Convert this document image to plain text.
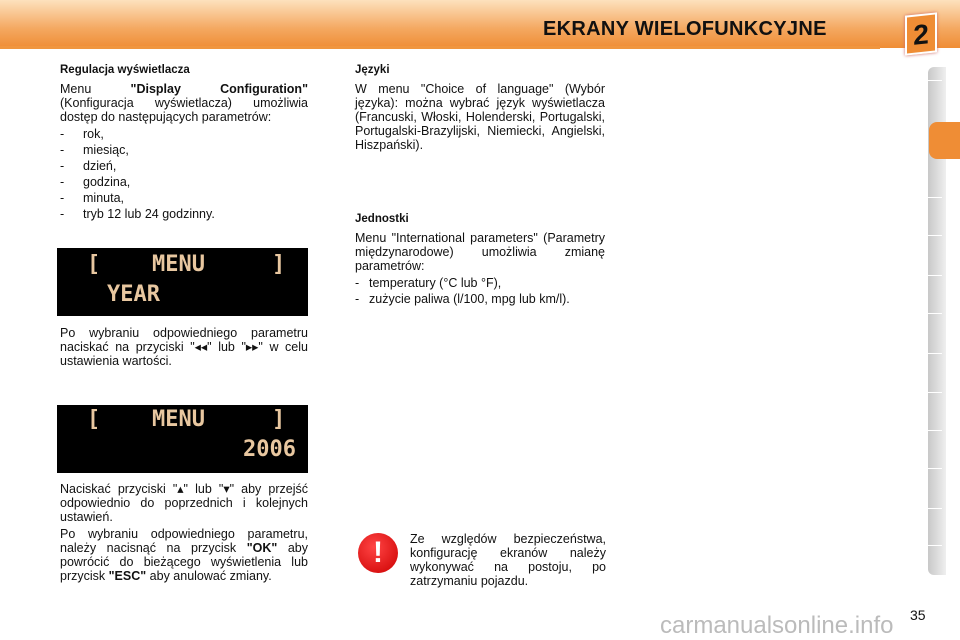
EKRANY WIELOFUNKCYJNE	2
Regulacja wyświetlacza

Menu "Display Configuration" (Konfiguracja wyświetlacza) umożliwia dostęp do następujących parametrów:

-	rok,
-	miesiąc,
-	dzień,
-	godzina,
-	minuta,
-	tryb 12 lub 24 godzinny.
[ MENU	]
YEAR
Po wybraniu odpowiedniego parametru naciskać na przyciski "◂◂" lub "▸▸" w celu ustawienia wartości.
[ MENU	]
2006

Naciskać przyciski "▴" lub "▾" aby przejść odpowiednio do poprzednich i kolejnych ustawień.

Po wybraniu odpowiedniego parametru, należy nacisnąć na przycisk "OK" aby powrócić do bieżącego wyświetlenia lub przycisk "ESC" aby anulować zmiany.

Języki

W menu "Choice of language" (Wybór języka): można wybrać język wyświetlacza (Francuski, Włoski, Holenderski, Portugalski, Portugalski-Brazylijski, Niemiecki, Angielski, Hiszpański).

Jednostki

Menu "International parameters" (Parametry międzynarodowe) umożliwia zmianę parametrów:

- temperatury (°C lub °F),
- zużycie paliwa (l/100, mpg lub km/l).
!	Ze względów bezpieczeństwa, konfigurację ekranów należy wykonywać na postoju, po zatrzymaniu pojazdu.
carmanualsonline.info 35
